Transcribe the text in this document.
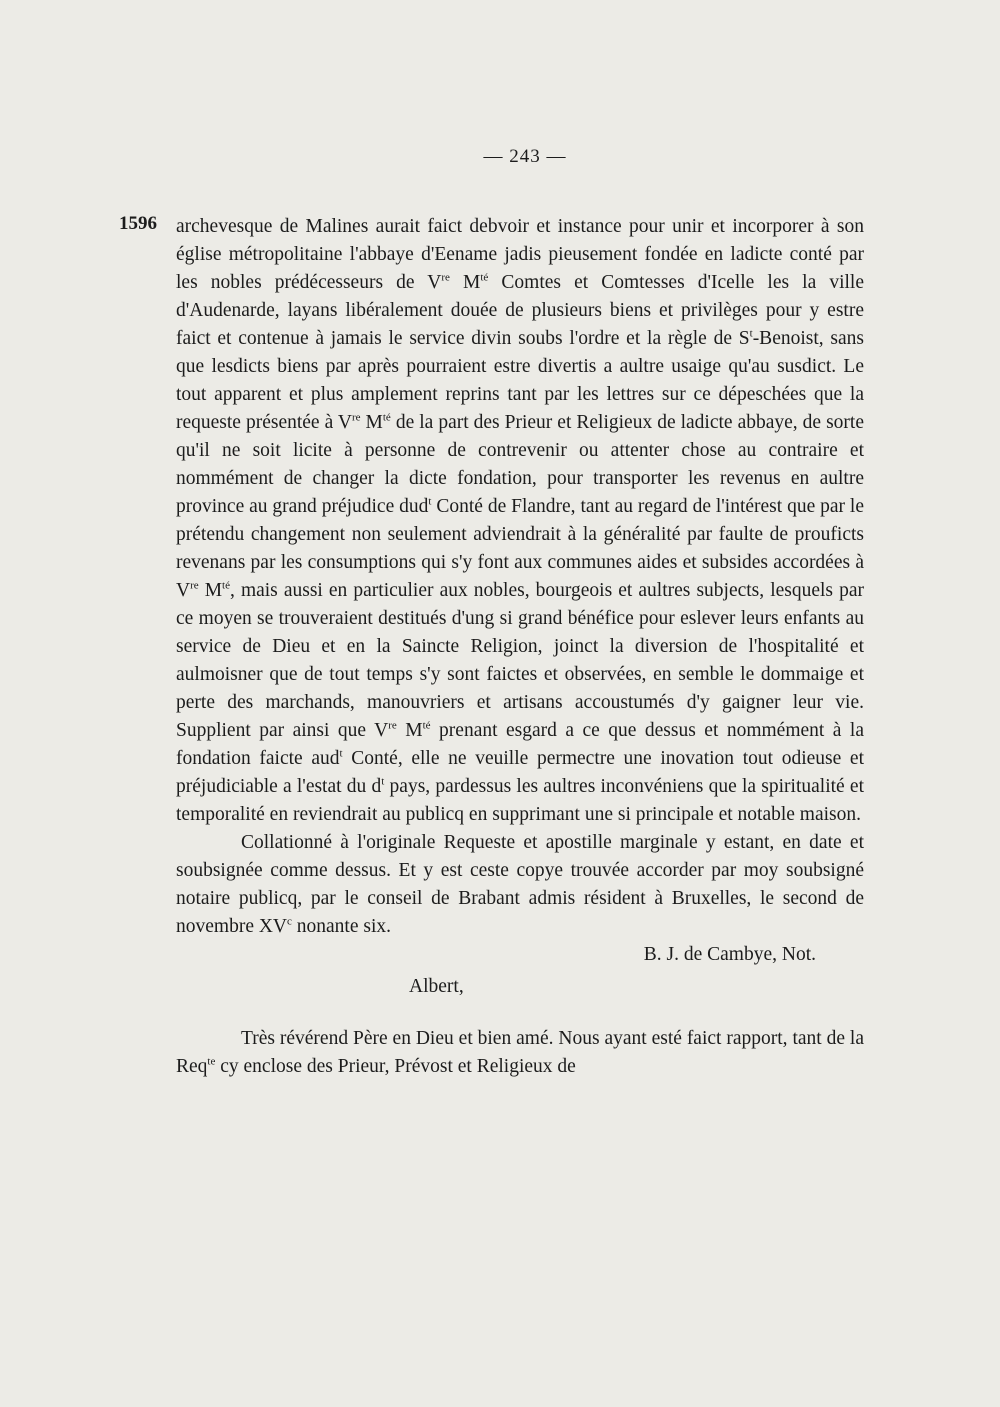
— 243 —
1596 archevesque de Malines aurait faict debvoir et instance pour unir et incorporer à son église métropolitaine l'abbaye d'Eename jadis pieusement fondée en ladicte conté par les nobles prédécesseurs de Vre $M^{té}$ Comtes et Comtesses d'Icelle les la ville d'Audenarde, layans libéralement douée de plusieurs biens et privilèges pour y estre faict et contenue à jamais le service divin soubs l'ordre et la règle de $S^t$-Benoist, sans que lesdicts biens par après pourraient estre divertis a aultre usaige qu'au susdict. Le tout apparent et plus amplement reprins tant par les lettres sur ce dépeschées que la requeste présentée à Vre $M^{té}$ de la part des Prieur et Religieux de ladicte abbaye, de sorte qu'il ne soit licite à personne de contrevenir ou attenter chose au contraire et nommément de changer la dicte fondation, pour transporter les revenus en aultre province au grand préjudice dud$^t$ Conté de Flandre, tant au regard de l'intérest que par le prétendu changement non seulement adviendrait à la généralité par faulte de prouficts revenans par les consumptions qui s'y font aux communes aides et subsides accordées à Vre $M^{té}$, mais aussi en particulier aux nobles, bourgeois et aultres subjects, lesquels par ce moyen se trouveraient destitués d'ung si grand bénéfice pour eslever leurs enfants au service de Dieu et en la Saincte Religion, joinct la diversion de l'hospitalité et aulmoisner que de tout temps s'y sont faictes et observées, en semble le dommaige et perte des marchands, manouvriers et artisans accoustumés d'y gaigner leur vie. Supplient par ainsi que Vre $M^{té}$ prenant esgard a ce que dessus et nommément à la fondation faicte aud$^t$ Conté, elle ne veuille permectre une inovation tout odieuse et préjudiciable a l'estat du $d^t$ pays, pardessus les aultres inconvéniens que la spiritualité et temporalité en reviendrait au publicq en supprimant une si principale et notable maison.

Collationné à l'originale Requeste et apostille marginale y estant, en date et soubsignée comme dessus. Et y est ceste copye trouvée accorder par moy soubsigné notaire publicq, par le conseil de Brabant admis résident à Bruxelles, le second de novembre $XV^c$ nonante six.

B. J. de Cambye, Not.

Albert,

Très révérend Père en Dieu et bien amé. Nous ayant esté faict rapport, tant de la Req$^{te}$ cy enclose des Prieur, Prévost et Religieux de
